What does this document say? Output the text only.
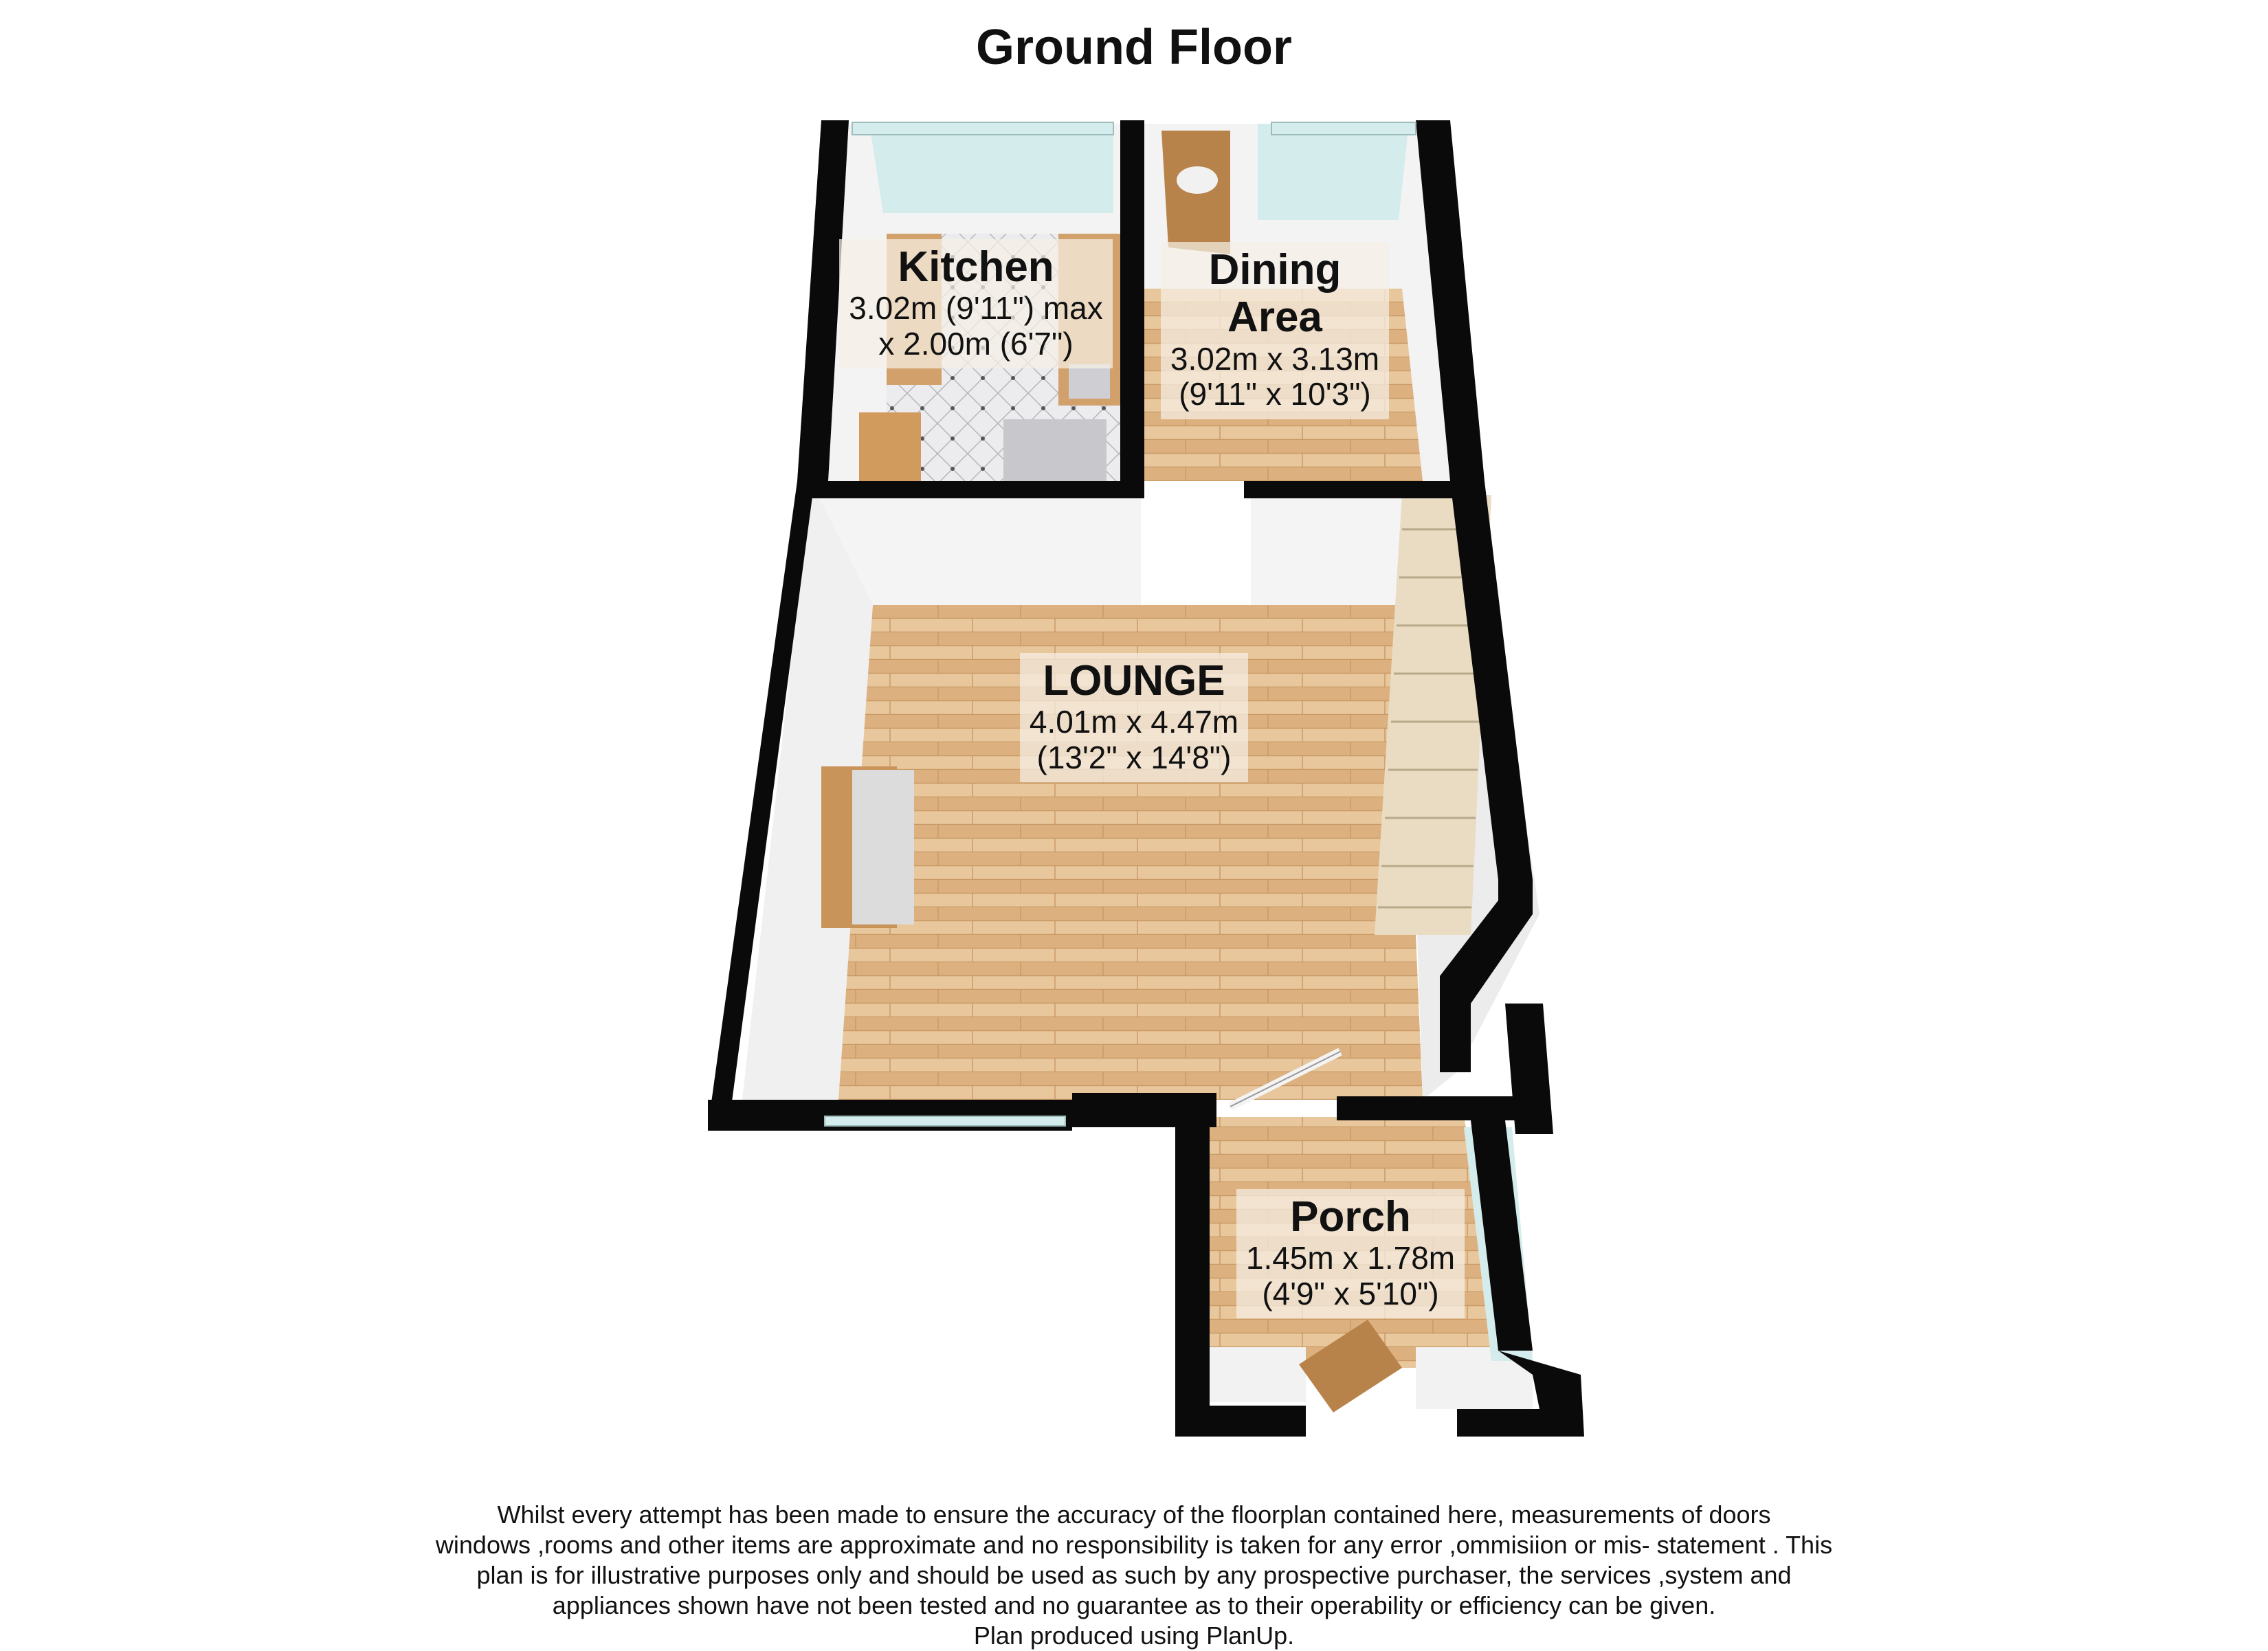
Ground Floor
Kitchen
3.02m (9'11") max
x 2.00m (6'7")
Dining
Area
3.02m x 3.13m
(9'11" x 10'3")
LOUNGE
4.01m x 4.47m
(13'2" x 14'8")
Porch
1.45m x 1.78m
(4'9" x 5'10")
Whilst every attempt has been made to ensure the accuracy of the floorplan contained here, measurements of doors
windows ,rooms and other items are approximate and no responsibility is taken for any error ,ommisiion or mis- statement . This
plan is for illustrative purposes only and should be used as such by any prospective purchaser, the services ,system and
appliances shown have not been tested and no guarantee as to their operability or efficiency can be given.
Plan produced using PlanUp.
